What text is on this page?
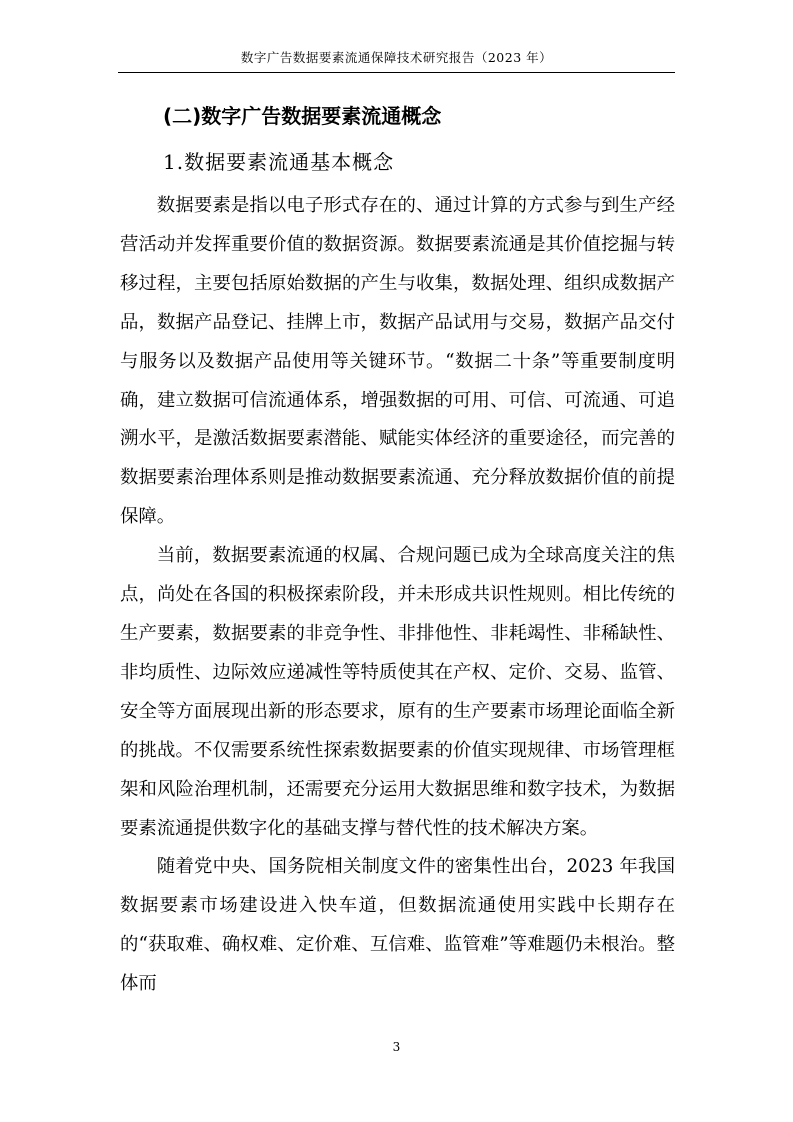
数字广告数据要素流通保障技术研究报告（2023 年）
(二)数字广告数据要素流通概念
1.数据要素流通基本概念

数据要素是指以电子形式存在的、通过计算的方式参与到生产经营活动并发挥重要价值的数据资源。数据要素流通是其价值挖掘与转移过程，主要包括原始数据的产生与收集，数据处理、组织成数据产品，数据产品登记、挂牌上市，数据产品试用与交易，数据产品交付与服务以及数据产品使用等关键环节。“数据二十条”等重要制度明确，建立数据可信流通体系，增强数据的可用、可信、可流通、可追溯水平，是激活数据要素潜能、赋能实体经济的重要途径，而完善的数据要素治理体系则是推动数据要素流通、充分释放数据价值的前提保障。

当前，数据要素流通的权属、合规问题已成为全球高度关注的焦点，尚处在各国的积极探索阶段，并未形成共识性规则。相比传统的生产要素，数据要素的非竞争性、非排他性、非耗竭性、非稀缺性、非均质性、边际效应递减性等特质使其在产权、定价、交易、监管、安全等方面展现出新的形态要求，原有的生产要素市场理论面临全新的挑战。不仅需要系统性探索数据要素的价值实现规律、市场管理框架和风险治理机制，还需要充分运用大数据思维和数字技术，为数据要素流通提供数字化的基础支撑与替代性的技术解决方案。

随着党中央、国务院相关制度文件的密集性出台，2023 年我国数据要素市场建设进入快车道，但数据流通使用实践中长期存在的“获取难、确权难、定价难、互信难、监管难”等难题仍未根治。整体而

3
